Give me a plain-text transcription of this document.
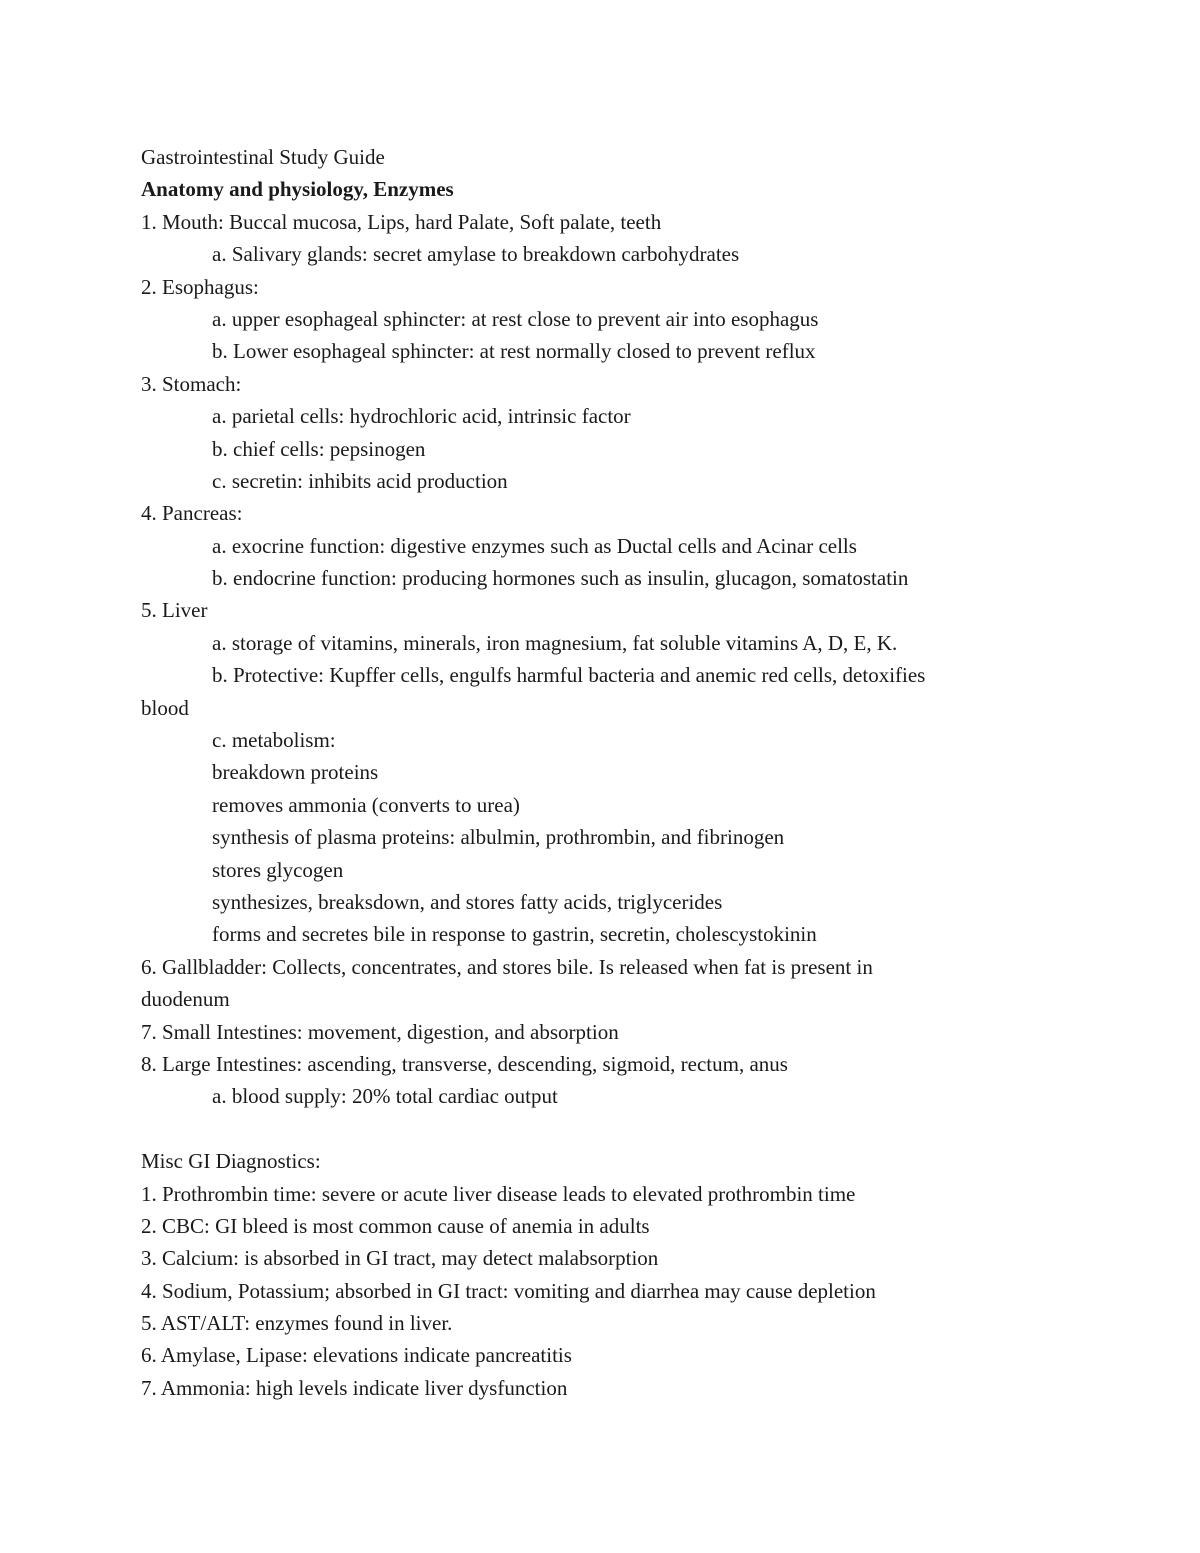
Gastrointestinal Study Guide
Anatomy and physiology, Enzymes
1. Mouth: Buccal mucosa, Lips, hard Palate, Soft palate, teeth
a. Salivary glands: secret amylase to breakdown carbohydrates
2. Esophagus:
a. upper esophageal sphincter: at rest close to prevent air into esophagus
b. Lower esophageal sphincter: at rest normally closed to prevent reflux
3. Stomach:
a. parietal cells: hydrochloric acid, intrinsic factor
b. chief cells: pepsinogen
c. secretin: inhibits acid production
4. Pancreas:
a. exocrine function: digestive enzymes such as Ductal cells and Acinar cells
b. endocrine function: producing hormones such as insulin, glucagon, somatostatin
5. Liver
a. storage of vitamins, minerals, iron magnesium, fat soluble vitamins A, D, E, K.
b. Protective: Kupffer cells, engulfs harmful bacteria and anemic red cells, detoxifies
blood
c. metabolism:
breakdown proteins
removes ammonia (converts to urea)
synthesis of plasma proteins: albulmin, prothrombin, and fibrinogen
stores glycogen
synthesizes, breaksdown, and stores fatty acids, triglycerides
forms and secretes bile in response to gastrin, secretin, cholescystokinin
6. Gallbladder: Collects, concentrates, and stores bile. Is released when fat is present in
duodenum
7. Small Intestines: movement, digestion, and absorption
8. Large Intestines: ascending, transverse, descending, sigmoid, rectum, anus
a. blood supply: 20% total cardiac output
Misc GI Diagnostics:
1. Prothrombin time: severe or acute liver disease leads to elevated prothrombin time
2. CBC: GI bleed is most common cause of anemia in adults
3. Calcium: is absorbed in GI tract, may detect malabsorption
4. Sodium, Potassium; absorbed in GI tract: vomiting and diarrhea may cause depletion
5. AST/ALT: enzymes found in liver.
6. Amylase, Lipase: elevations indicate pancreatitis
7. Ammonia: high levels indicate liver dysfunction
